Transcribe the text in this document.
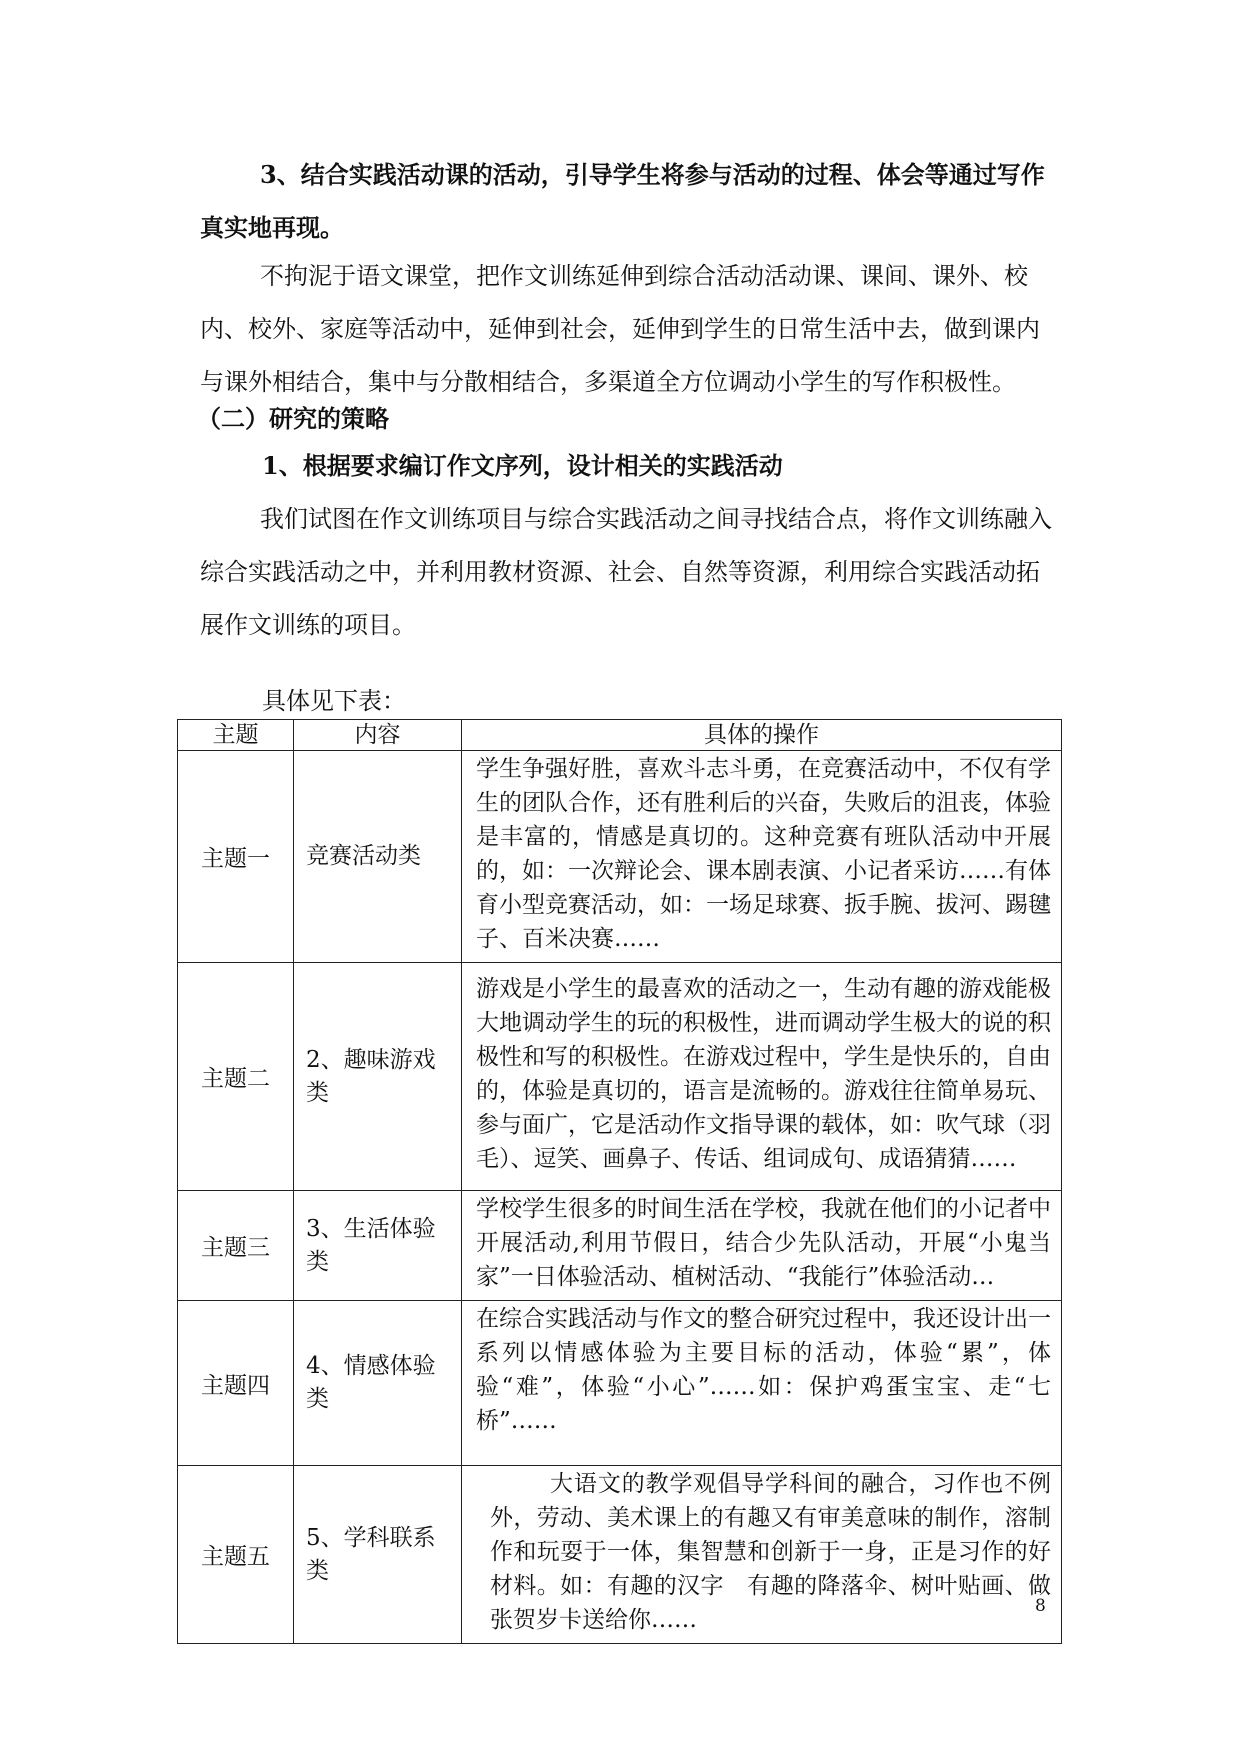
3、结合实践活动课的活动，引导学生将参与活动的过程、体会等通过写作真实地再现。

不拘泥于语文课堂，把作文训练延伸到综合活动活动课、课间、课外、校内、校外、家庭等活动中，延伸到社会，延伸到学生的日常生活中去，做到课内与课外相结合，集中与分散相结合，多渠道全方位调动小学生的写作积极性。

（二）研究的策略

1、根据要求编订作文序列，设计相关的实践活动

我们试图在作文训练项目与综合实践活动之间寻找结合点，将作文训练融入综合实践活动之中，并利用教材资源、社会、自然等资源，利用综合实践活动拓展作文训练的项目。

具体见下表：

主题	内容	具体的操作
主题一	竞赛活动类	学生争强好胜，喜欢斗志斗勇，在竞赛活动中，不仅有学生的团队合作，还有胜利后的兴奋，失败后的沮丧，体验是丰富的，情感是真切的。这种竞赛有班队活动中开展的，如：一次辩论会、课本剧表演、小记者采访……有体育小型竞赛活动，如：一场足球赛、扳手腕、拔河、踢毽子、百米决赛……
主题二	2、趣味游戏类	游戏是小学生的最喜欢的活动之一，生动有趣的游戏能极大地调动学生的玩的积极性，进而调动学生极大的说的积极性和写的积极性。在游戏过程中，学生是快乐的，自由的，体验是真切的，语言是流畅的。游戏往往简单易玩、参与面广，它是活动作文指导课的载体，如：吹气球（羽毛）、逗笑、画鼻子、传话、组词成句、成语猜猜……
主题三	3、生活体验类	学校学生很多的时间生活在学校，我就在他们的小记者中开展活动,利用节假日，结合少先队活动，开展“小鬼当家”一日体验活动、植树活动、“我能行”体验活动…
主题四	4、情感体验类	在综合实践活动与作文的整合研究过程中，我还设计出一系列以情感体验为主要目标的活动，体验“累”，体验“难”，体验“小心”……如：保护鸡蛋宝宝、走“七桥”……
主题五	5、学科联系类	大语文的教学观倡导学科间的融合，习作也不例外，劳动、美术课上的有趣又有审美意味的制作，溶制作和玩耍于一体，集智慧和创新于一身，正是习作的好材料。如：有趣的汉字　有趣的降落伞、树叶贴画、做张贺岁卡送给你……

8
